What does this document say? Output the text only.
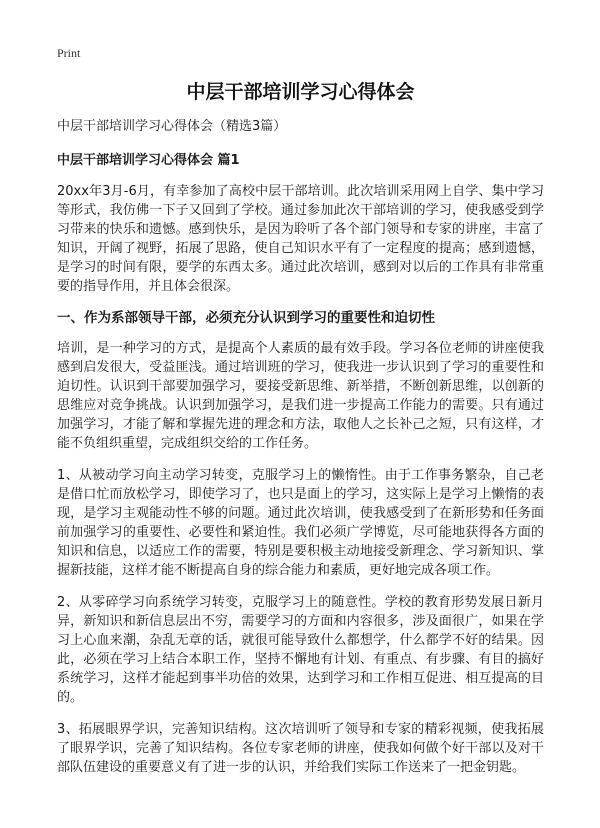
Print
中层干部培训学习心得体会
中层干部培训学习心得体会（精选3篇）
中层干部培训学习心得体会 篇1

20xx年3月-6月，有幸参加了高校中层干部培训。此次培训采用网上自学、集中学习等形式，我仿佛一下子又回到了学校。通过参加此次干部培训的学习，使我感受到学习带来的快乐和遗憾。感到快乐，是因为聆听了各个部门领导和专家的讲座，丰富了知识，开阔了视野，拓展了思路，使自己知识水平有了一定程度的提高；感到遗憾，是学习的时间有限，要学的东西太多。通过此次培训，感到对以后的工作具有非常重要的指导作用，并且体会很深。

一、作为系部领导干部，必须充分认识到学习的重要性和迫切性

培训，是一种学习的方式，是提高个人素质的最有效手段。学习各位老师的讲座使我感到启发很大，受益匪浅。通过培训班的学习，使我进一步认识到了学习的重要性和迫切性。认识到干部要加强学习，要接受新思维、新举措，不断创新思维，以创新的思维应对竞争挑战。认识到加强学习，是我们进一步提高工作能力的需要。只有通过加强学习，才能了解和掌握先进的理念和方法，取他人之长补己之短，只有这样，才能不负组织重望，完成组织交给的工作任务。

1、从被动学习向主动学习转变，克服学习上的懒惰性。由于工作事务繁杂，自己老是借口忙而放松学习，即使学习了，也只是面上的学习，这实际上是学习上懒惰的表现，是学习主观能动性不够的问题。通过此次培训，使我感受到了在新形势和任务面前加强学习的重要性、必要性和紧迫性。我们必须广学博览，尽可能地获得各方面的知识和信息，以适应工作的需要，特别是要积极主动地接受新理念、学习新知识、掌握新技能，这样才能不断提高自身的综合能力和素质，更好地完成各项工作。

2、从零碎学习向系统学习转变，克服学习上的随意性。学校的教育形势发展日新月异，新知识和新信息层出不穷，需要学习的方面和内容很多，涉及面很广，如果在学习上心血来潮，杂乱无章的话，就很可能导致什么都想学，什么都学不好的结果。因此，必须在学习上结合本职工作，坚持不懈地有计划、有重点、有步骤、有目的搞好系统学习，这样才能起到事半功倍的效果，达到学习和工作相互促进、相互提高的目的。

3、拓展眼界学识，完善知识结构。这次培训听了领导和专家的精彩视频，使我拓展了眼界学识，完善了知识结构。各位专家老师的讲座，使我如何做个好干部以及对干部队伍建设的重要意义有了进一步的认识，并给我们实际工作送来了一把金钥匙。
